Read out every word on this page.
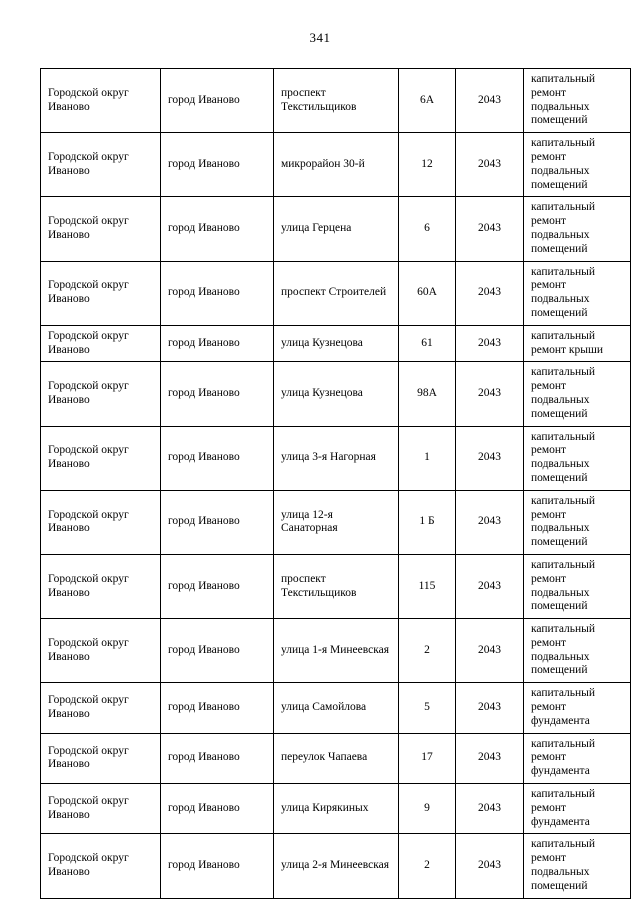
341
Городской округ Иваново	город Иваново	проспект Текстильщиков	6А	2043	капитальный ремонт подвальных помещений
Городской округ Иваново	город Иваново	микрорайон 30-й	12	2043	капитальный ремонт подвальных помещений
Городской округ Иваново	город Иваново	улица Герцена	6	2043	капитальный ремонт подвальных помещений
Городской округ Иваново	город Иваново	проспект Строителей	60А	2043	капитальный ремонт подвальных помещений
Городской округ Иваново	город Иваново	улица Кузнецова	61	2043	капитальный ремонт крыши
Городской округ Иваново	город Иваново	улица Кузнецова	98А	2043	капитальный ремонт подвальных помещений
Городской округ Иваново	город Иваново	улица 3-я Нагорная	1	2043	капитальный ремонт подвальных помещений
Городской округ Иваново	город Иваново	улица 12-я Санаторная	1 Б	2043	капитальный ремонт подвальных помещений
Городской округ Иваново	город Иваново	проспект Текстильщиков	115	2043	капитальный ремонт подвальных помещений
Городской округ Иваново	город Иваново	улица 1-я Минеевская	2	2043	капитальный ремонт подвальных помещений
Городской округ Иваново	город Иваново	улица Самойлова	5	2043	капитальный ремонт фундамента
Городской округ Иваново	город Иваново	переулок Чапаева	17	2043	капитальный ремонт фундамента
Городской округ Иваново	город Иваново	улица Кирякиных	9	2043	капитальный ремонт фундамента
Городской округ Иваново	город Иваново	улица 2-я Минеевская	2	2043	капитальный ремонт подвальных помещений
